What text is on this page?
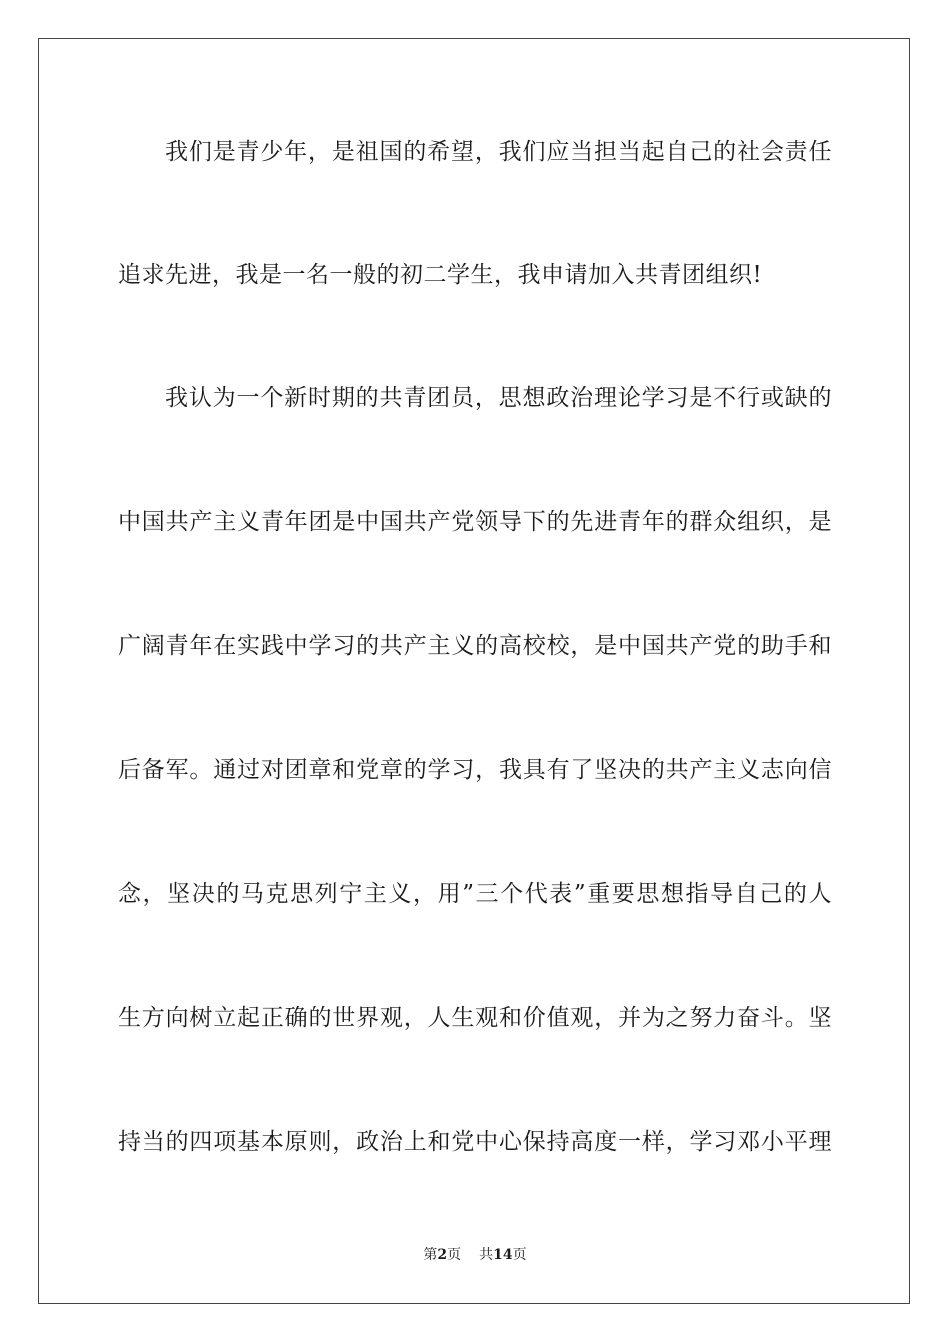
我们是青少年，是祖国的希望，我们应当担当起自己的社会责任
追求先进，我是一名一般的初二学生，我申请加入共青团组织!
我认为一个新时期的共青团员，思想政治理论学习是不行或缺的
中国共产主义青年团是中国共产党领导下的先进青年的群众组织，是
广阔青年在实践中学习的共产主义的高校校，是中国共产党的助手和
后备军。通过对团章和党章的学习，我具有了坚决的共产主义志向信
念，坚决的马克思列宁主义，用”三个代表”重要思想指导自己的人
生方向树立起正确的世界观，人生观和价值观，并为之努力奋斗。坚
持当的四项基本原则，政治上和党中心保持高度一样，学习邓小平理
第2页 共14页
